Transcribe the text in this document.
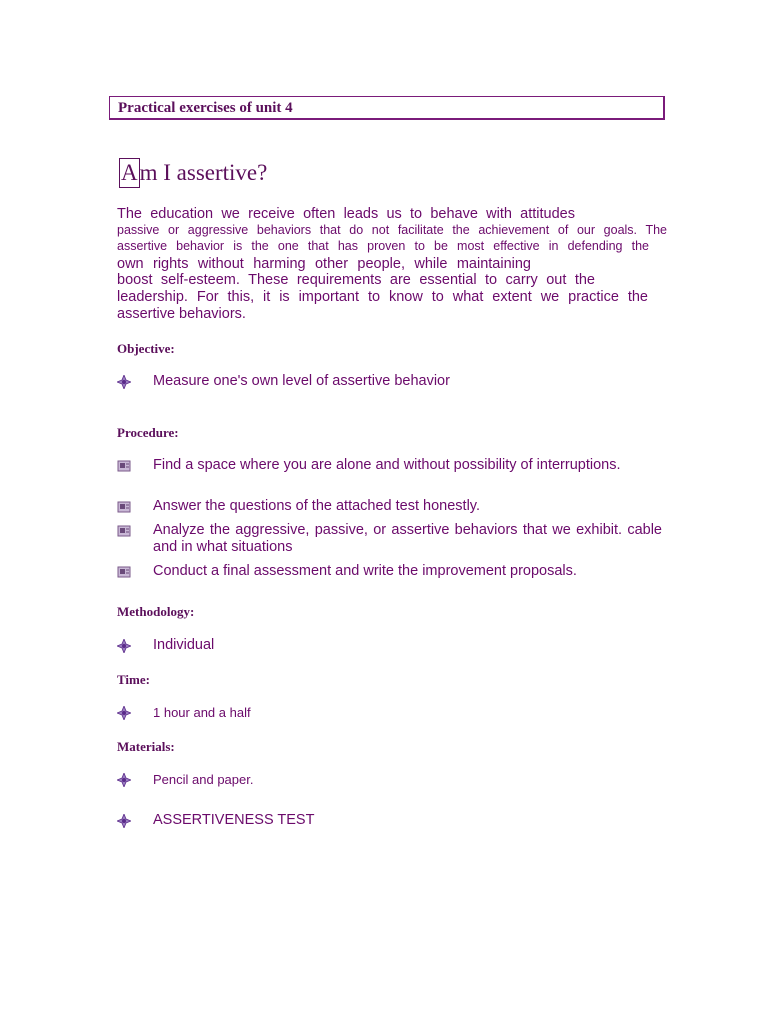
Practical exercises of unit 4

Am I assertive?

The education we receive often leads us to behave with attitudes

passive or aggressive behaviors that do not facilitate the achievement of our goals. The

assertive behavior is the one that has proven to be most effective in defending the

own rights without harming other people, while maintaining

boost self-esteem. These requirements are essential to carry out the

leadership. For this, it is important to know to what extent we practice the

assertive behaviors.

Objective:

Measure one's own level of assertive behavior

Procedure:

Find a space where you are alone and without possibility of interruptions.

Answer the questions of the attached test honestly.

Analyze the aggressive, passive, or assertive behaviors that we exhibit. cable and in what situations

Conduct a final assessment and write the improvement proposals.

Methodology:

Individual

Time:

1 hour and a half

Materials:

Pencil and paper.

ASSERTIVENESS TEST
